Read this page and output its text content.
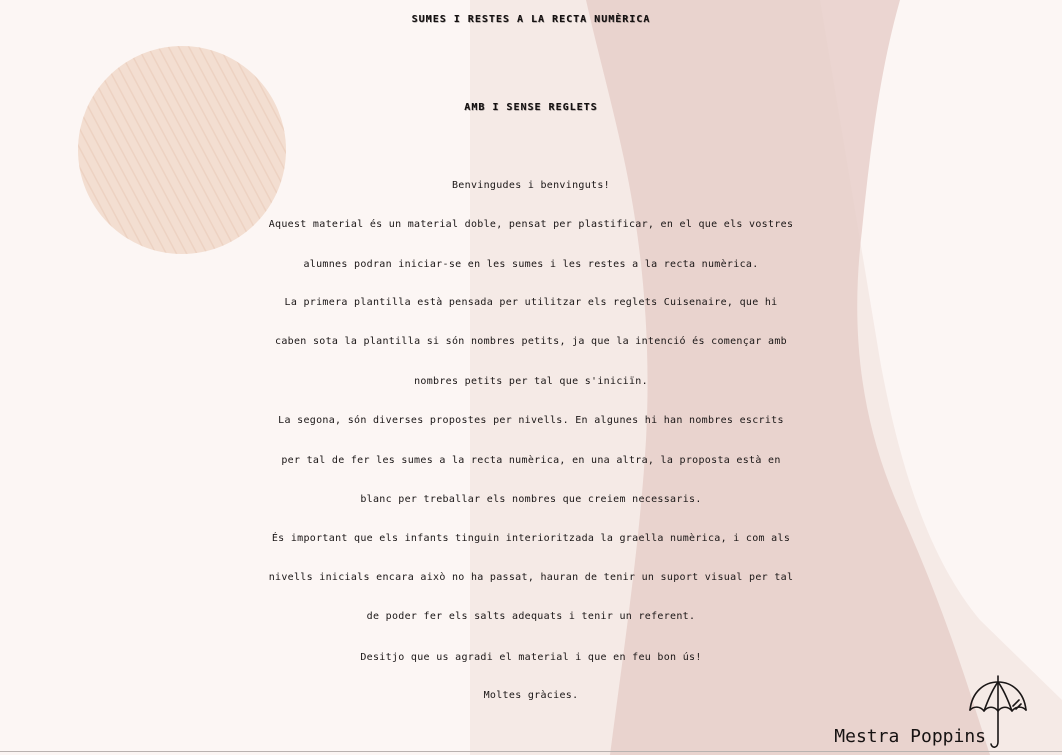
SUMES I RESTES A LA RECTA NUMÈRICA
AMB I SENSE REGLETS
Benvingudes i benvinguts!
Aquest material és un material doble, pensat per plastificar, en el que els vostres
alumnes podran iniciar-se en les sumes i les restes a la recta numèrica.
La primera plantilla està pensada per utilitzar els reglets Cuisenaire, que hi
caben sota la plantilla si són nombres petits, ja que la intenció és començar amb
nombres petits per tal que s'iniciïn.
La segona, són diverses propostes per nivells. En algunes hi han nombres escrits
per tal de fer les sumes a la recta numèrica, en una altra, la proposta està en
blanc per treballar els nombres que creiem necessaris.
És important que els infants tinguin interioritzada la graella numèrica, i com als
nivells inicials encara això no ha passat, hauran de tenir un suport visual per tal
de poder fer els salts adequats i tenir un referent.
Desitjo que us agradi el material i que en feu bon ús!
Moltes gràcies.
Mestra Poppins
